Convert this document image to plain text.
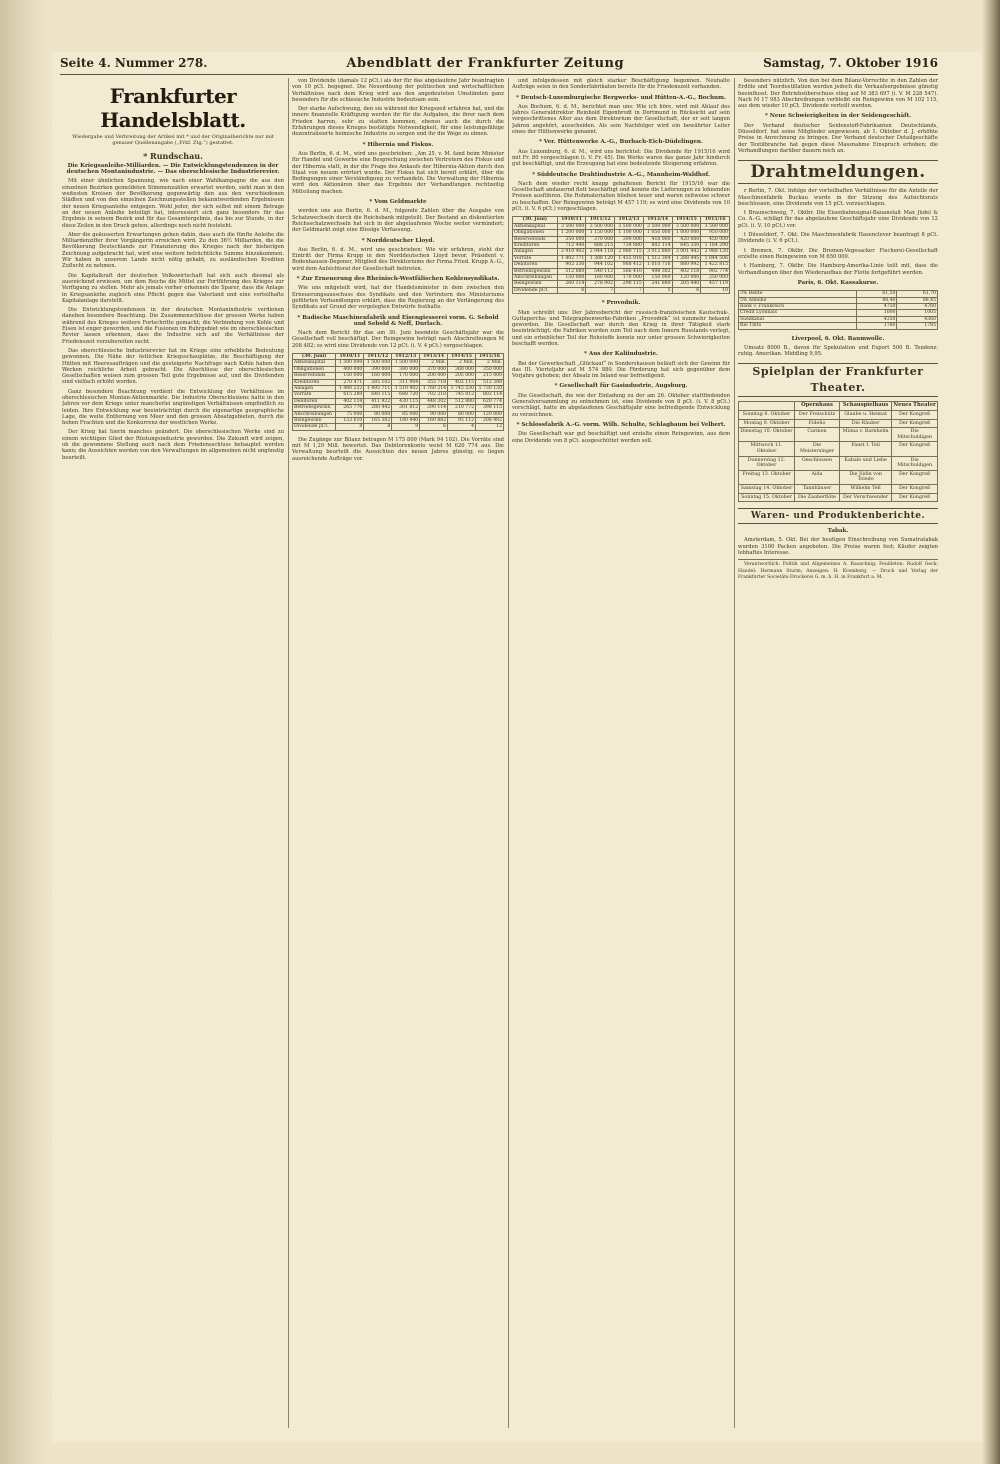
Seite 4. Nummer 278.	Abendblatt der Frankfurter Zeitung	Samstag, 7. Oktober 1916
Frankfurter Handelsblatt.
Wiedergabe und Verbreitung der Artikel mit * und der Originalberichte nur mit genauer Quellenangabe („Frkf. Ztg.“) gestattet.
* Rundschau.
Die Kriegsanleihe-Milliarden. — Die Entwicklungstendenzen in der deutschen Montanindustrie. — Das oberschlesische Industrierevier.

Mit einer ähnlichen Spannung, wie nach einer Wahlkampagne die aus den einzelnen Bezirken gemeldeten Stimmenzahlen erwartet werden, sieht man in den weitesten Kreisen der Bevölkerung gegenwärtig den aus den verschiedenen Städten und von den einzelnen Zeichnungsstellen bekanntwerdenden Ergebnissen der neuen Kriegsanleihe entgegen. Wohl jeder, der sich selbst mit einem Betrage an der neuen Anleihe beteiligt hat, interessiert sich ganz besonders für das Ergebnis in seinem Bezirk und für das Gesamtergebnis, das bis zur Stunde, in der diese Zeilen in den Druck gehen, allerdings noch nicht feststeht.

Aber die geäusserten Erwartungen gehen dahin, dass auch die fünfte Anleihe die Milliardenziffer ihrer Vorgängerin erreichen wird. Zu den 36½ Milliarden, die die Bevölkerung Deutschlands zur Finanzierung des Krieges nach der bisherigen Zeichnung aufgebracht hat, wird eine weitere beträchtliche Summe hinzukommen. Wir haben in unserem Lande nicht nötig gehabt, zu ausländischen Krediten Zuflucht zu nehmen.

Die Kapitalkraft der deutschen Volkswirtschaft hat sich auch diesmal als ausreichend erwiesen, um dem Reiche die Mittel zur Fortführung des Krieges zur Verfügung zu stellen. Mehr als jemals vorher erkennen die Sparer, dass die Anlage in Kriegsanleihe zugleich eine Pflicht gegen das Vaterland und eine vorteilhafte Kapitalanlage darstellt.

Die Entwicklungstendenzen in der deutschen Montanindustrie verdienen daneben besondere Beachtung. Die Zusammenschlüsse der grossen Werke haben während des Krieges weitere Fortschritte gemacht; die Verbindung von Kohle und Eisen ist enger geworden, und die Fusionen im Ruhrgebiet wie im oberschlesischen Revier lassen erkennen, dass die Industrie sich auf die Verhältnisse der Friedenszeit vorzubereiten sucht.

Das oberschlesische Industrierevier hat im Kriege eine erhebliche Bedeutung gewonnen. Die Nähe der östlichen Kriegsschauplätze, die Beschäftigung der Hütten mit Heeresaufträgen und die gesteigerte Nachfrage nach Kohle haben den Werken reichliche Arbeit gebracht. Die Abschlüsse der oberschlesischen Gesellschaften weisen zum grossen Teil gute Ergebnisse auf, und die Dividenden sind vielfach erhöht worden.

Ganz besondere Beachtung verdient die Entwicklung der Verhältnisse im oberschlesischen Montan-Aktienmarkte. Die Industrie Oberschlesiens hatte in den Jahren vor dem Kriege unter mancherlei ungünstigen Verhältnissen empfindlich zu leiden. Ihre Entwicklung war beeinträchtigt durch die eigenartige geographische Lage, die weite Entfernung von Meer und den grossen Absatzgebieten, durch die hohen Frachten und die Konkurrenz der westlichen Werke.

Der Krieg hat hierin manches geändert. Die oberschlesischen Werke sind zu einem wichtigen Glied der Rüstungsindustrie geworden. Die Zukunft wird zeigen, ob die gewonnene Stellung auch nach dem Friedensschluss behauptet werden kann; die Aussichten werden von den Verwaltungen im allgemeinen nicht ungünstig beurteilt.

von Dividende (damals 12 pCt.) als der für das abgelaufene Jahr beantragten von 10 pCt. begegnet. Die Neuordnung der politischen und wirtschaftlichen Verhältnisse nach dem Krieg wird aus den angedeuteten Umständen ganz besonders für die schlesische Industrie bedeutsam sein.

Der starke Aufschwung, den sie während der Kriegszeit erfahren hat, und die innere finanzielle Kräftigung werden ihr für die Aufgaben, die ihrer nach dem Frieden harren, sehr zu statten kommen, ebenso auch die durch die Erfahrungen dieses Krieges bestätigte Notwendigkeit, für eine leistungsfähige dezentralisierte heimische Industrie zu sorgen und ihr die Wege zu ebnen.

* Hibernia und Fiskus.

Aus Berlin, 6. d. M., wird uns geschrieben: „Am 25. v. M. fand beim Minister für Handel und Gewerbe eine Besprechung zwischen Vertretern des Fiskus und der Hibernia statt, in der die Frage des Ankaufs der Hibernia-Aktien durch den Staat von neuem erörtert wurde. Der Fiskus hat sich bereit erklärt, über die Bedingungen einer Verständigung zu verhandeln. Die Verwaltung der Hibernia wird den Aktionären über das Ergebnis der Verhandlungen rechtzeitig Mitteilung machen.

* Vom Geldmarkte

werden uns aus Berlin, 6. d. M., folgende Zahlen über die Ausgabe von Schatzwechseln durch die Reichsbank mitgeteilt. Der Bestand an diskontierten Reichsschatzwechseln hat sich in der abgelaufenen Woche weiter vermindert; der Geldmarkt zeigt eine flüssige Verfassung.

* Norddeutscher Lloyd.

Aus Berlin, 6. d. M., wird uns geschrieben: Wie wir erfahren, steht der Eintritt der Firma Krupp in den Norddeutschen Lloyd bevor. Präsident v. Bodenhausen-Degener, Mitglied des Direktoriums der Firma Fried. Krupp A.-G., wird dem Aufsichtsrat der Gesellschaft beitreten.

* Zur Erneuerung des Rheinisch-Westfälischen Kohlensyndikats.

Wie uns mitgeteilt wird, hat der Handelsminister in dem zwischen den Erneuerungsausschuss des Syndikats und den Vertretern des Ministeriums geführten Verhandlungen erklärt, dass die Regierung an der Verlängerung des Syndikats auf Grund der vorgelegten Entwürfe festhalte.

* Badische Maschinenfabrik und Eisengiesserei vorm. G. Sebold und Sebold & Neff, Durlach.

Nach dem Bericht für das am 30. Juni beendete Geschäftsjahr war die Gesellschaft voll beschäftigt. Der Reingewinn beträgt nach Abschreibungen M 208 482; es wird eine Dividende von 12 pCt. (i. V. 4 pCt.) vorgeschlagen.

(30. Juni)	1910/11	1911/12	1912/13	1913/14	1914/15	1915/16
Aktienkapital	1 500 000	1 500 000	1 500 000	2 Mill.	2 Mill.	2 Mill.
Obligationen	400 000	390 000	380 000	370 000	360 000	350 000
Reservefonds	150 000	160 000	170 000	200 000	205 000	215 000
Kreditoren	270 471	285 102	311 904	355 718	402 115	512 388
Anlagen	1 480 222	1 495 711	1 510 402	1 760 214	1 745 330	1 730 120
Vorräte	615 280	640 115	688 720	702 318	745 812	802 114
Debitoren	402 118	411 922	430 115	448 302	512 880	620 774
Betriebsgewinn	265 770	280 442	301 812	290 114	210 772	398 115
Abschreibungen	75 000	80 000	85 000	90 000	80 000	120 000
Reingewinn	153 610	165 302	180 440	160 882	95 112	208 482
Dividende pCt.	8	8	9	6	4	12

Die Zugänge zur Bilanz betragen M 175 809 (Mark 94 102). Die Vorräte sind mit M 1,29 Mill. bewertet. Das Debitorenkonto weist M 620 774 aus. Die Verwaltung beurteilt die Aussichten des neuen Jahres günstig; es liegen ausreichende Aufträge vor.

und infolgedessen mit gleich starker Beschäftigung begonnen. Neuhalte Aufträge seien in den Sonderfabrikaten bereits für die Friedenszeit vorhanden.

* Deutsch-Luxemburgische Bergwerks- und Hütten-A.-G., Bochum.

Aus Bochum, 6. d. M., berichtet man uns: Wie ich höre, wird mit Ablauf des Jahres Generaldirektor Reinhold Eigenbrodt in Dortmund in Rücksicht auf sein vorgeschrittenes Alter aus dem Direktorium der Gesellschaft, der er seit langen Jahren angehört, ausscheiden. Als sein Nachfolger wird ein bewährter Leiter eines der Hüttenwerke genannt.

* Ver. Hüttenwerke A.-G., Burbach-Eich-Düdelingen.

Aus Luxemburg, 6. d. M., wird uns berichtet: Die Dividende für 1915/16 wird mit Fr. 80 vorgeschlagen (i. V. Fr. 45). Die Werke waren das ganze Jahr hindurch gut beschäftigt, und die Erzeugung hat eine bedeutende Steigerung erfahren.

* Süddeutsche Drahtindustrie A.-G., Mannheim-Waldhof.

Nach dem wieder recht knapp gehaltenen Bericht für 1915/16 war die Gesellschaft andauernd flott beschäftigt und konnte die Lieferungen zu lohnenden Preisen ausführen. Die Rohmaterialien blieben teuer und waren zeitweise schwer zu beschaffen. Der Reingewinn beträgt M 457 119; es wird eine Dividende von 10 pCt. (i. V. 6 pCt.) vorgeschlagen.

(30. Juni)	1910/11	1911/12	1912/13	1913/14	1914/15	1915/16
Aktienkapital	3 500 000	3 500 000	3 500 000	3 500 000	3 500 000	3 500 000
Obligationen	1 200 000	1 150 000	1 100 000	1 050 000	1 000 000	950 000
Reservefonds	350 000	370 000	390 000	410 000	420 000	450 000
Kreditoren	712 440	688 215	734 880	802 114	645 330	1 184 290
Anlagen	2 910 402	2 944 118	2 980 715	3 012 880	3 001 442	2 988 120
Vorräte	1 402 771	1 388 120	1 455 918	1 512 304	1 288 445	1 844 506
Debitoren	902 330	944 102	988 412	1 010 716	880 992	1 422 815
Betriebsgewinn	512 880	540 112	566 410	498 302	402 118	902 774
Abschreibungen	150 000	160 000	170 000	150 000	120 000	250 000
Reingewinn	260 114	278 902	290 115	241 880	205 440	457 119
Dividende pCt.	6	7	7	5	6	10
* Provodnik.

Man schreibt uns: Der Jahresbericht der russisch-französischen Kautschuk-, Guttapercha- und Telegraphenwerke-Fabriken „Provodnik“ ist nunmehr bekannt geworden. Die Gesellschaft war durch den Krieg in ihrer Tätigkeit stark beeinträchtigt; die Fabriken wurden zum Teil nach dem Innern Russlands verlegt, und ein erheblicher Teil der Rohstoffe konnte nur unter grossen Schwierigkeiten beschafft werden.

* Aus der Kaliindustrie.

Bei der Gewerkschaft „Glückauf“ in Sondershausen beläuft sich der Gewinn für das III. Vierteljahr auf M 574 880. Die Förderung hat sich gegenüber dem Vorjahre gehoben; der Absatz im Inland war befriedigend.

* Gesellschaft für Gasindustrie, Augsburg.

Die Gesellschaft, die wie der Einladung zu der am 26. Oktober stattfindenden Generalversammlung zu entnehmen ist, eine Dividende von 8 pCt. (i. V. 8 pCt.) vorschlägt, hatte im abgelaufenen Geschäftsjahr eine befriedigende Entwicklung zu verzeichnen.

* Schlossfabrik A.-G. vorm. Wilh. Schulte, Schlagbaum bei Velbert.

Die Gesellschaft war gut beschäftigt und erzielte einen Reingewinn, aus dem eine Dividende von 8 pCt. ausgeschüttet werden soll.

besonders nützlich. Von den bei dem Bilanz-Vorrechte in den Zahlen der Erdöle und Teerdestillation werden jedoch die Verkaufsergebnisse günstig beeinflusst. Der Betriebsüberschuss stieg auf M 383 697 (i. V. M 228 547). Nach M 17 983 Abschreibungen verbleibt ein Reingewinn von M 102 115, aus dem wieder 10 pCt. Dividende verteilt werden.

* Neue Schwierigkeiten in der Seidengeschäft.

Der Verband deutscher Seidenstoff-Fabrikanten Deutschlands, Düsseldorf, hat seine Mitglieder angewiesen, ab 1. Oktober d. J. erhöhte Preise in Anrechnung zu bringen. Der Verband deutscher Detailgeschäfte der Textilbranche hat gegen diese Massnahme Einspruch erhoben; die Verhandlungen darüber dauern noch an.

Drahtmeldungen.

r Berlin, 7. Okt. Infolge der vorteilhaften Verhältnisse für die Anteile der Maschinenfabrik Buckau wurde in der Sitzung des Aufsichtsrats beschlossen, eine Dividende von 15 pCt. vorzuschlagen.

t Braunschweig, 7. Oktbr. Die Eisenbahnsignal-Bauanstalt Max Jüdel & Co. A.-G. schlägt für das abgelaufene Geschäftsjahr eine Dividende von 12 pCt. (i. V. 10 pCt.) vor.

t Düsseldorf, 7. Okt. Die Maschinenfabrik Hasenclever beantragt 8 pCt. Dividende (i. V. 6 pCt.).

t Bremen, 7. Oktbr. Die Bremen-Vegesacker Fischerei-Gesellschaft erzielte einen Reingewinn von M 650 000.

t Hamburg, 7. Oktbr. Die Hamburg-Amerika-Linie teilt mit, dass die Verhandlungen über den Wiederaufbau der Flotte fortgeführt werden.

Paris, 6. Okt. Kassakurse.
3% Rente	61,50	61,70
5% Anleihe	88,40	88,45
Bank v. Frankreich	4750	4760
Crédit Lyonnais	1000	1005
Suezkanal	4350	4360
Rio Tinto	1780	1785
Liverpool, 6. Okt. Baumwolle.

Umsatz 8000 B., davon für Spekulation und Export 500 B. Tendenz: ruhig. Amerikan. Middling 9,95.

Spielplan der Frankfurter Theater.
	Opernhaus	Schauspielhaus	Neues Theater
Sonntag 8. Oktober	Der Freischütz	Glaube u. Heimat	Der Kongreß
Montag 9. Oktober	Fidelio	Die Räuber	Der Kongreß
Dienstag 10. Oktober	Carmen	Minna v. Barnhelm	Die Mitschuldigen
Mittwoch 11. Oktober	Die Meistersinger	Faust I. Teil	Der Kongreß
Donnerstag 12. Oktober	Geschlossen	Kabale und Liebe	Die Mitschuldigen
Freitag 13. Oktober	Aida	Die Jüdin von Toledo	Der Kongreß
Samstag 14. Oktober	Tannhäuser	Wilhelm Tell	Der Kongreß
Sonntag 15. Oktober	Die Zauberflöte	Der Verschwender	Der Kongreß
Waren- und Produktenberichte.
Tabak.

Amsterdam, 5. Okt. Bei der heutigen Einschreibung von Sumatratabak wurden 3100 Packen angeboten. Die Preise waren fest; Käufer zeigten lebhaftes Interesse.

Verantwortlich: Politik und Allgemeines A. Rauschnig; Feuilleton: Rudolf Geck; Handel: Hermann Sturm; Anzeigen: H. Kremberg. — Druck und Verlag der Frankfurter Societäts-Druckerei G. m. b. H. in Frankfurt a. M.
